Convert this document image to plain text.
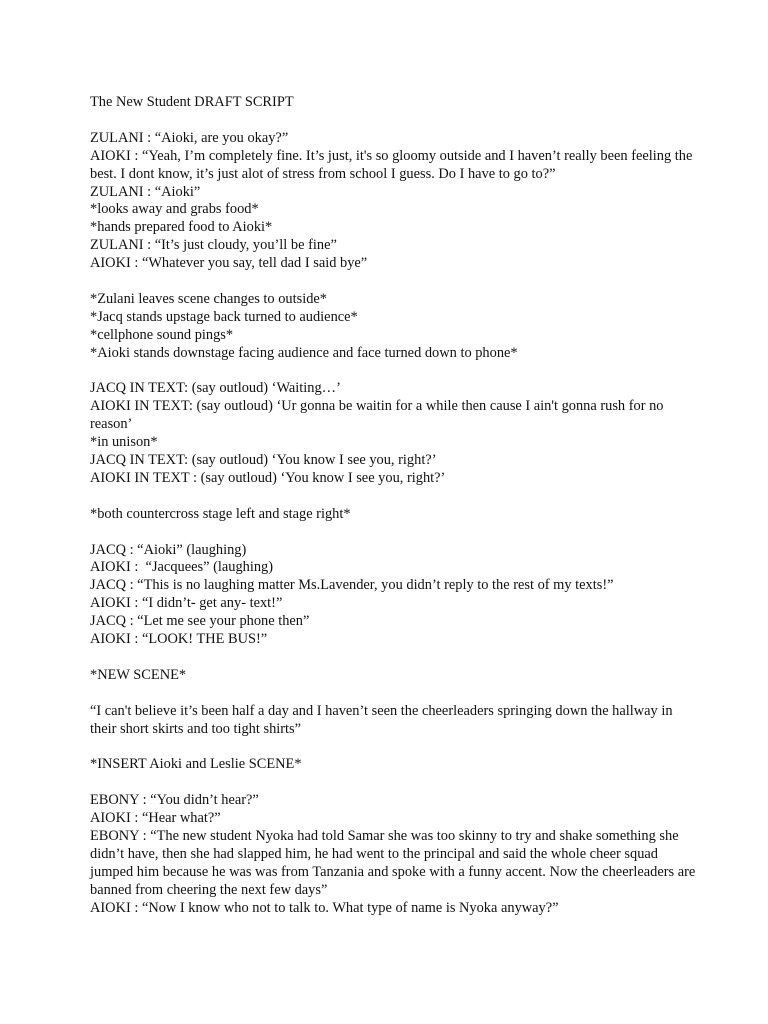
The New Student DRAFT SCRIPT
ZULANI : “Aioki, are you okay?”
AIOKI : “Yeah, I’m completely fine. It’s just, it's so gloomy outside and I haven’t really been feeling the best. I dont know, it’s just alot of stress from school I guess. Do I have to go to?”
ZULANI : “Aioki”
*looks away and grabs food*
*hands prepared food to Aioki*
ZULANI : “It’s just cloudy, you’ll be fine”
AIOKI : “Whatever you say, tell dad I said bye”
*Zulani leaves scene changes to outside*
*Jacq stands upstage back turned to audience*
*cellphone sound pings*
*Aioki stands downstage facing audience and face turned down to phone*
JACQ IN TEXT: (say outloud) ‘Waiting…’
AIOKI IN TEXT: (say outloud) ‘Ur gonna be waitin for a while then cause I ain't gonna rush for no reason’
*in unison*
JACQ IN TEXT: (say outloud) ‘You know I see you, right?’
AIOKI IN TEXT : (say outloud) ‘You know I see you, right?’
*both countercross stage left and stage right*
JACQ : “Aioki” (laughing)
AIOKI :  “Jacquees” (laughing)
JACQ : “This is no laughing matter Ms.Lavender, you didn’t reply to the rest of my texts!”
AIOKI : “I didn’t- get any- text!”
JACQ : “Let me see your phone then”
AIOKI : “LOOK! THE BUS!”
*NEW SCENE*
“I can't believe it’s been half a day and I haven’t seen the cheerleaders springing down the hallway in their short skirts and too tight shirts”
*INSERT Aioki and Leslie SCENE*
EBONY : “You didn’t hear?”
AIOKI : “Hear what?”
EBONY : “The new student Nyoka had told Samar she was too skinny to try and shake something she didn’t have, then she had slapped him, he had went to the principal and said the whole cheer squad jumped him because he was was from Tanzania and spoke with a funny accent. Now the cheerleaders are banned from cheering the next few days”
AIOKI : “Now I know who not to talk to. What type of name is Nyoka anyway?”
